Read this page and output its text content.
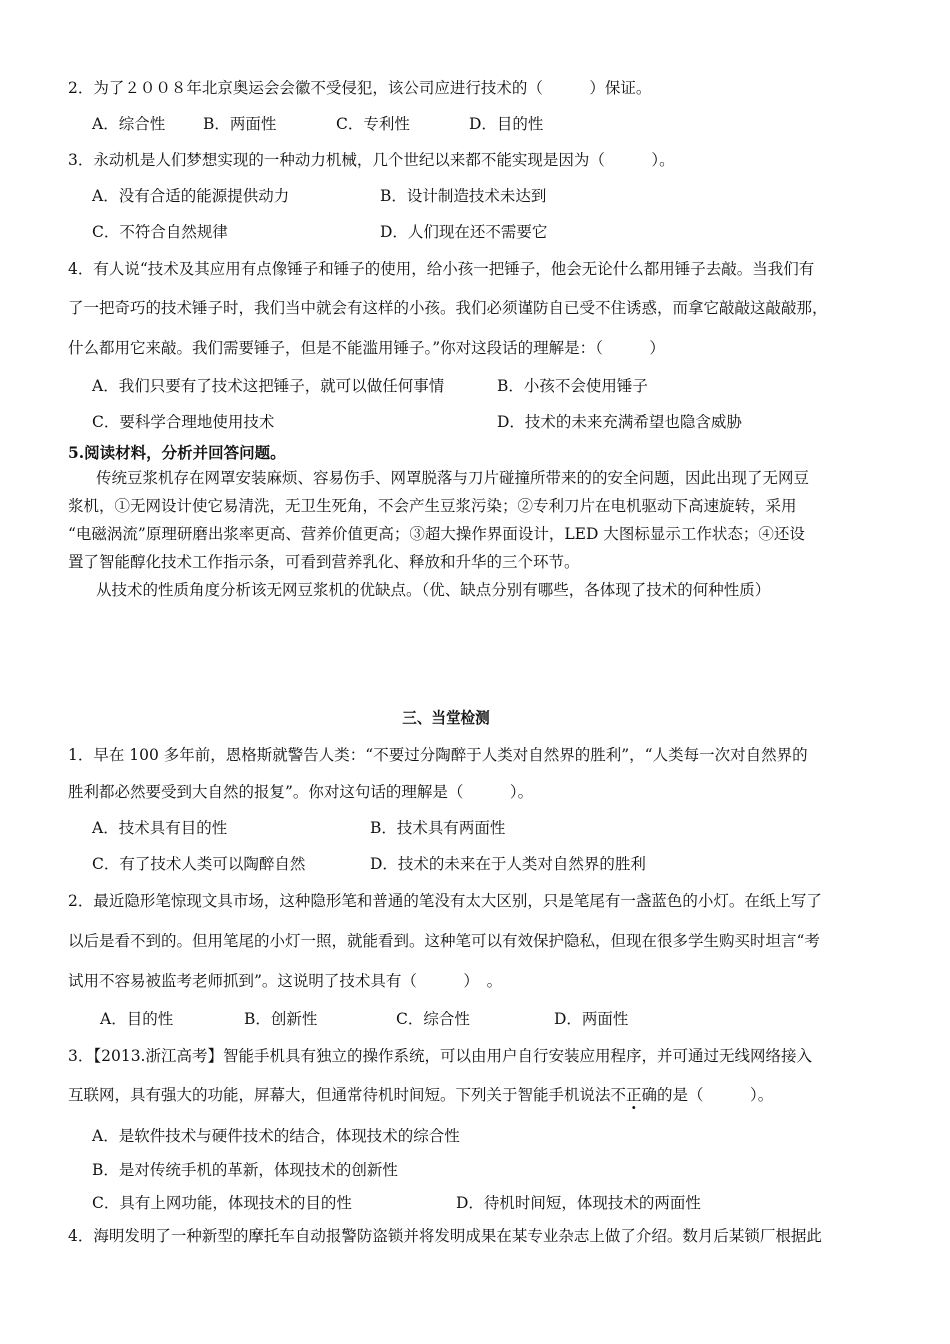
2．为了２００８年北京奥运会会徽不受侵犯，该公司应进行技术的（　　　）保证。
A．综合性 B．两面性	C．专利性	D．目的性
3．永动机是人们梦想实现的一种动力机械，几个世纪以来都不能实现是因为（　　　）。
A．没有合适的能源提供动力	B．设计制造技术未达到
C．不符合自然规律	D．人们现在还不需要它
4．有人说“技术及其应用有点像锤子和锤子的使用，给小孩一把锤子，他会无论什么都用锤子去敲。当我们有
了一把奇巧的技术锤子时，我们当中就会有这样的小孩。我们必须谨防自已受不住诱惑，而拿它敲敲这敲敲那，
什么都用它来敲。我们需要锤子，但是不能滥用锤子。”你对这段话的理解是：（　　　）
A．我们只要有了技术这把锤子，就可以做任何事情	B．小孩不会使用锤子
C．要科学合理地使用技术	D．技术的未来充满希望也隐含威胁
5.阅读材料，分析并回答问题。
传统豆浆机存在网罩安装麻烦、容易伤手、网罩脱落与刀片碰撞所带来的的安全问题，因此出现了无网豆
浆机，①无网设计使它易清洗，无卫生死角，不会产生豆浆污染；②专利刀片在电机驱动下高速旋转，采用
“电磁涡流”原理研磨出浆率更高、营养价值更高；③超大操作界面设计，LED 大图标显示工作状态；④还设
置了智能醇化技术工作指示条，可看到营养乳化、释放和升华的三个环节。
从技术的性质角度分析该无网豆浆机的优缺点。（优、缺点分别有哪些，各体现了技术的何种性质）
三、当堂检测
1．早在 100 多年前，恩格斯就警告人类：“不要过分陶醉于人类对自然界的胜利”，“人类每一次对自然界的
胜利都必然要受到大自然的报复”。你对这句话的理解是（　　　）。
A．技术具有目的性	B．技术具有两面性
C．有了技术人类可以陶醉自然	D．技术的未来在于人类对自然界的胜利
2．最近隐形笔惊现文具市场，这种隐形笔和普通的笔没有太大区别，只是笔尾有一盏蓝色的小灯。在纸上写了
以后是看不到的。但用笔尾的小灯一照，就能看到。这种笔可以有效保护隐私，但现在很多学生购买时坦言“考
试用不容易被监考老师抓到”。这说明了技术具有（　　　）　。
A．目的性	B．创新性	C．综合性	D．两面性
3．【2013.浙江高考】智能手机具有独立的操作系统，可以由用户自行安装应用程序，并可通过无线网络接入
互联网，具有强大的功能，屏幕大，但通常待机时间短。下列关于智能手机说法不正确的是（　　　）。
A．是软件技术与硬件技术的结合，体现技术的综合性
B．是对传统手机的革新，体现技术的创新性
C．具有上网功能，体现技术的目的性	D．待机时间短，体现技术的两面性
4．海明发明了一种新型的摩托车自动报警防盗锁并将发明成果在某专业杂志上做了介绍。数月后某锁厂根据此
